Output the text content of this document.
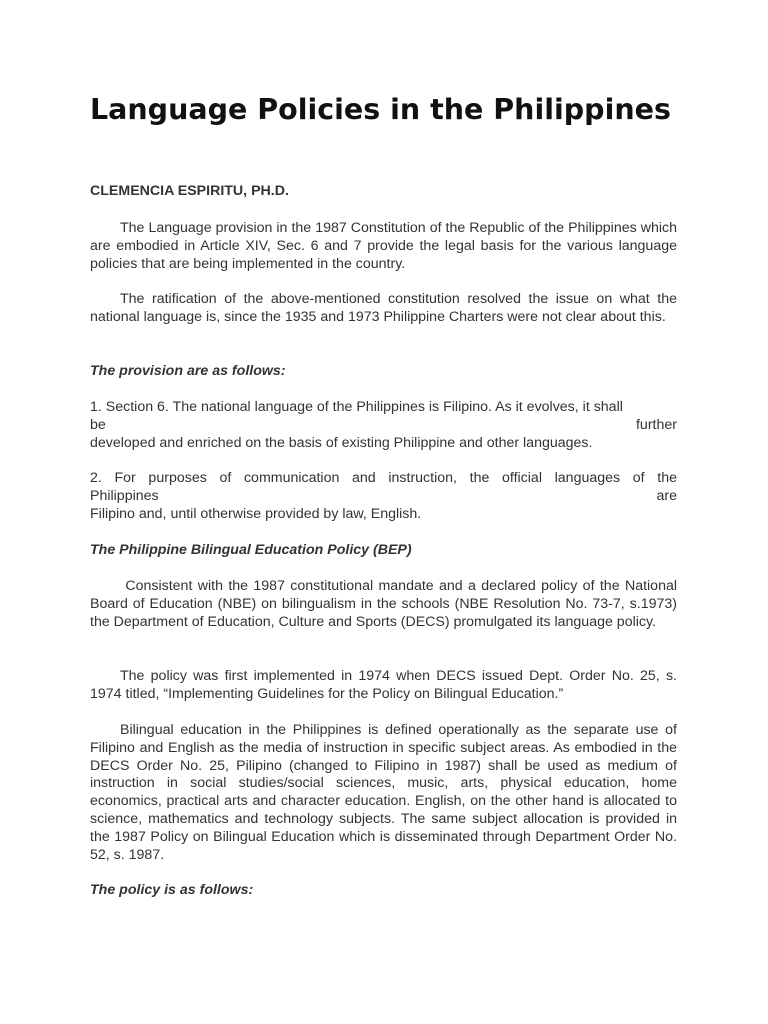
Language Policies in the Philippines
CLEMENCIA ESPIRITU, PH.D.

The Language provision in the 1987 Constitution of the Republic of the Philippines which are embodied in Article XIV, Sec. 6 and 7 provide the legal basis for the various language policies that are being implemented in the country.

The ratification of the above-mentioned constitution resolved the issue on what the national language is, since the 1935 and 1973 Philippine Charters were not clear about this.

The provision are as follows:
1. Section 6. The national language of the Philippines is Filipino. As it evolves, it shall
be	further
developed and enriched on the basis of existing Philippine and other languages.
2. For purposes of communication and instruction, the official languages of the
Philippines	are
Filipino and, until otherwise provided by law, English.
The Philippine Bilingual Education Policy (BEP)

Consistent with the 1987 constitutional mandate and a declared policy of the National Board of Education (NBE) on bilingualism in the schools (NBE Resolution No. 73-7, s.1973) the Department of Education, Culture and Sports (DECS) promulgated its language policy.

The policy was first implemented in 1974 when DECS issued Dept. Order No. 25, s. 1974 titled, “Implementing Guidelines for the Policy on Bilingual Education.”

Bilingual education in the Philippines is defined operationally as the separate use of Filipino and English as the media of instruction in specific subject areas. As embodied in the DECS Order No. 25, Pilipino (changed to Filipino in 1987) shall be used as medium of instruction in social studies/social sciences, music, arts, physical education, home economics, practical arts and character education. English, on the other hand is allocated to science, mathematics and technology subjects. The same subject allocation is provided in the 1987 Policy on Bilingual Education which is disseminated through Department Order No. 52, s. 1987.

The policy is as follows:
